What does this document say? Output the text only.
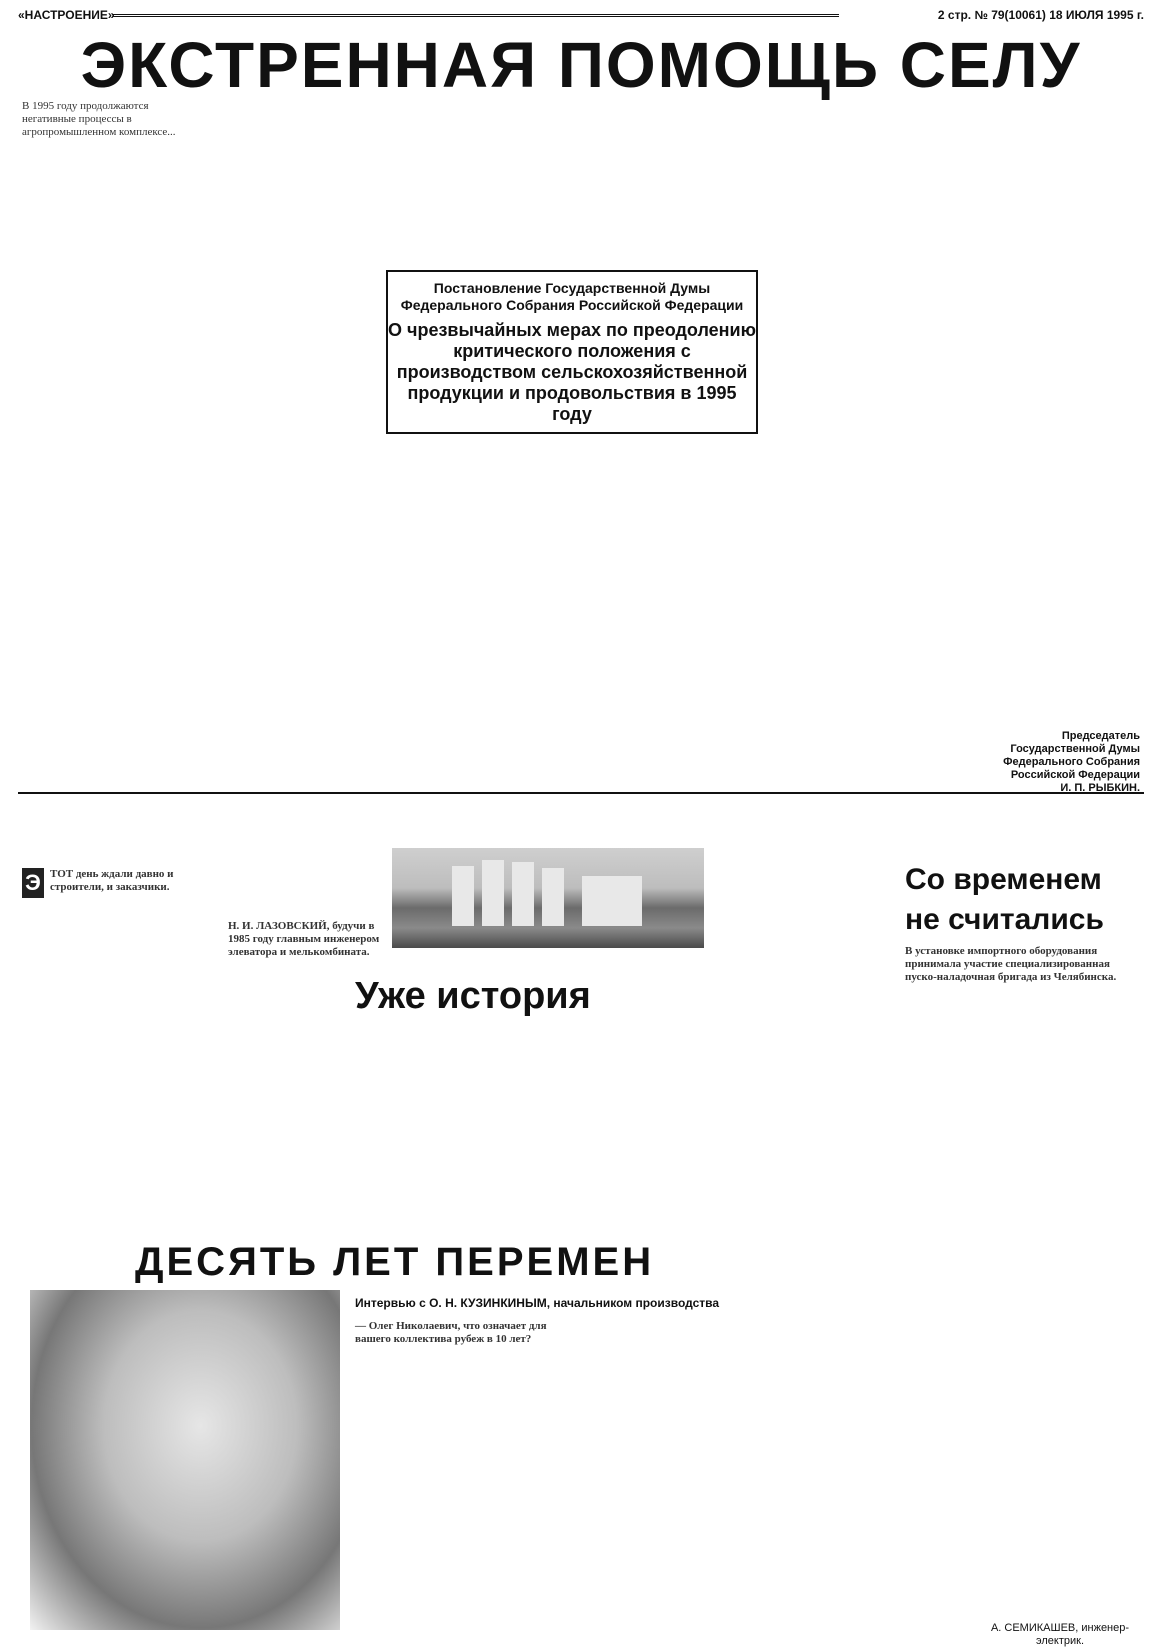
«НАСТРОЕНИЕ»	2 стр. № 79(10061) 18 ИЮЛЯ 1995 г.
ЭКСТРЕННАЯ ПОМОЩЬ СЕЛУ
В 1995 году продолжаются негативные процессы в агропромышленном комплексе...
Постановление Государственной Думы Федерального Собрания Российской Федерации
О чрезвычайных мерах по преодолению критического положения с производством сельскохозяйственной продукции и продовольствия в 1995 году
Председатель Государственной Думы Федерального Собрания Российской Федерации И. П. РЫБКИН.
Э ТОТ день ждали давно и строители, и заказчики.
Н. И. ЛАЗОВСКИЙ, будучи в 1985 году главным инженером элеватора и мелькомбината.
Уже история
Со временем не считались
В установке импортного оборудования принимала участие специализированная пуско-наладочная бригада из Челябинска.
А. СЕМИКАШЕВ, инженер-электрик.
ДЕСЯТЬ ЛЕТ ПЕРЕМЕН
Интервью с О. Н. КУЗИНКИНЫМ, начальником производства
— Олег Николаевич, что означает для вашего коллектива рубеж в 10 лет?
